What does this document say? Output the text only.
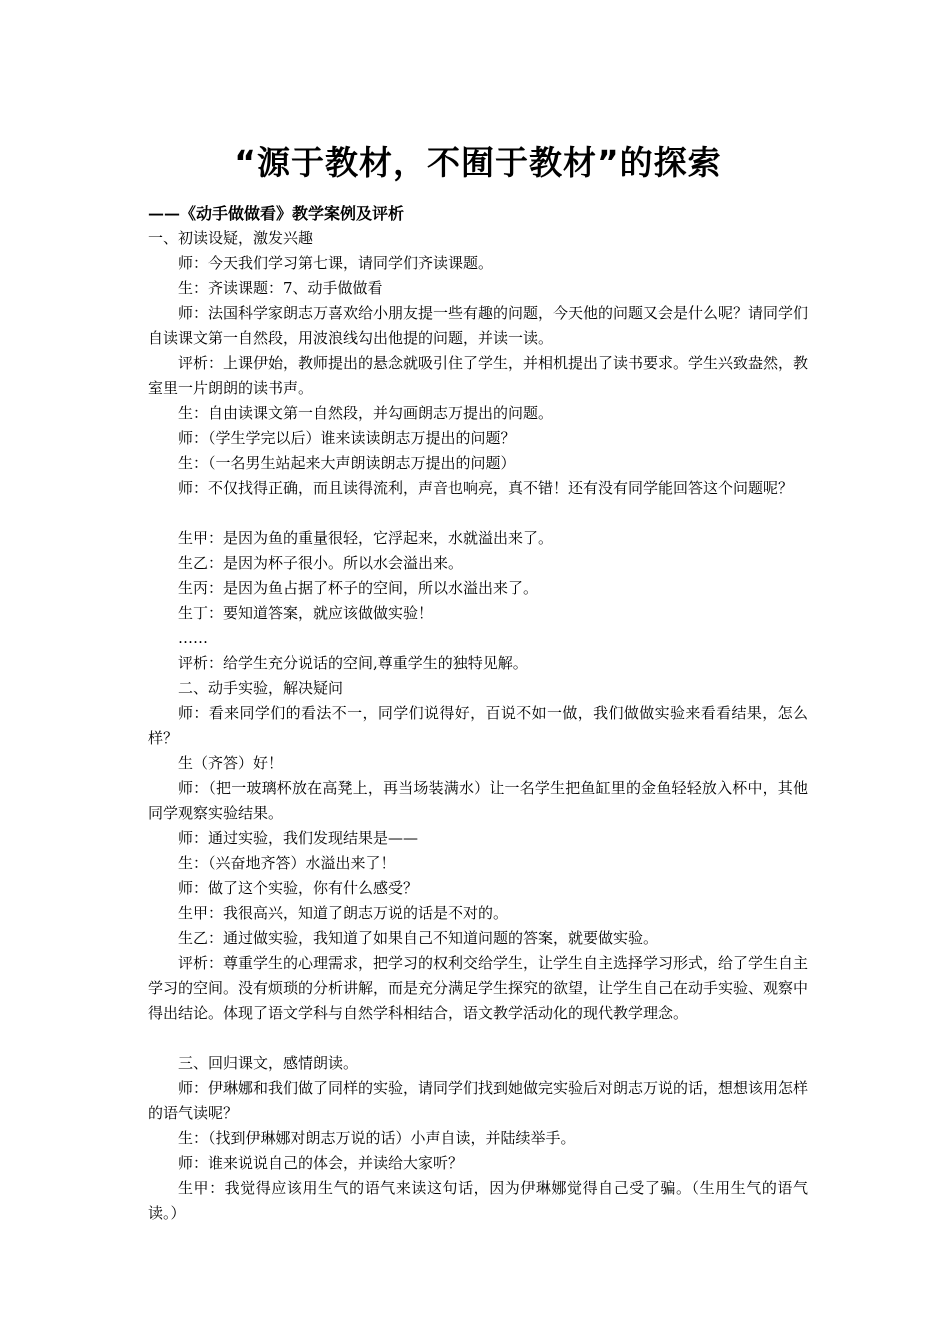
“源于教材，不囿于教材”的探索
——《动手做做看》教学案例及评析
一、初读设疑，激发兴趣
师：今天我们学习第七课，请同学们齐读课题。
生：齐读课题：7、动手做做看
师：法国科学家朗志万喜欢给小朋友提一些有趣的问题，今天他的问题又会是什么呢？请同学们自读课文第一自然段，用波浪线勾出他提的问题，并读一读。
评析：上课伊始，教师提出的悬念就吸引住了学生，并相机提出了读书要求。学生兴致盎然，教室里一片朗朗的读书声。
生：自由读课文第一自然段，并勾画朗志万提出的问题。
师：（学生学完以后）谁来读读朗志万提出的问题？
生：（一名男生站起来大声朗读朗志万提出的问题）
师：不仅找得正确，而且读得流利，声音也响亮，真不错！还有没有同学能回答这个问题呢？
生甲：是因为鱼的重量很轻，它浮起来，水就溢出来了。
生乙：是因为杯子很小。所以水会溢出来。
生丙：是因为鱼占据了杯子的空间，所以水溢出来了。
生丁：要知道答案，就应该做做实验！
……
评析：给学生充分说话的空间,尊重学生的独特见解。
二、动手实验，解决疑问
师：看来同学们的看法不一，同学们说得好，百说不如一做，我们做做实验来看看结果，怎么样？
生（齐答）好！
师：（把一玻璃杯放在高凳上，再当场装满水）让一名学生把鱼缸里的金鱼轻轻放入杯中，其他同学观察实验结果。
师：通过实验，我们发现结果是——
生：（兴奋地齐答）水溢出来了！
师：做了这个实验，你有什么感受？
生甲：我很高兴，知道了朗志万说的话是不对的。
生乙：通过做实验，我知道了如果自己不知道问题的答案，就要做实验。
评析：尊重学生的心理需求，把学习的权利交给学生，让学生自主选择学习形式，给了学生自主学习的空间。没有烦琐的分析讲解，而是充分满足学生探究的欲望，让学生自己在动手实验、观察中得出结论。体现了语文学科与自然学科相结合，语文教学活动化的现代教学理念。
三、回归课文，感情朗读。
师：伊琳娜和我们做了同样的实验，请同学们找到她做完实验后对朗志万说的话，想想该用怎样的语气读呢？
生：（找到伊琳娜对朗志万说的话）小声自读，并陆续举手。
师：谁来说说自己的体会，并读给大家听？
生甲：我觉得应该用生气的语气来读这句话，因为伊琳娜觉得自己受了骗。（生用生气的语气读。）
